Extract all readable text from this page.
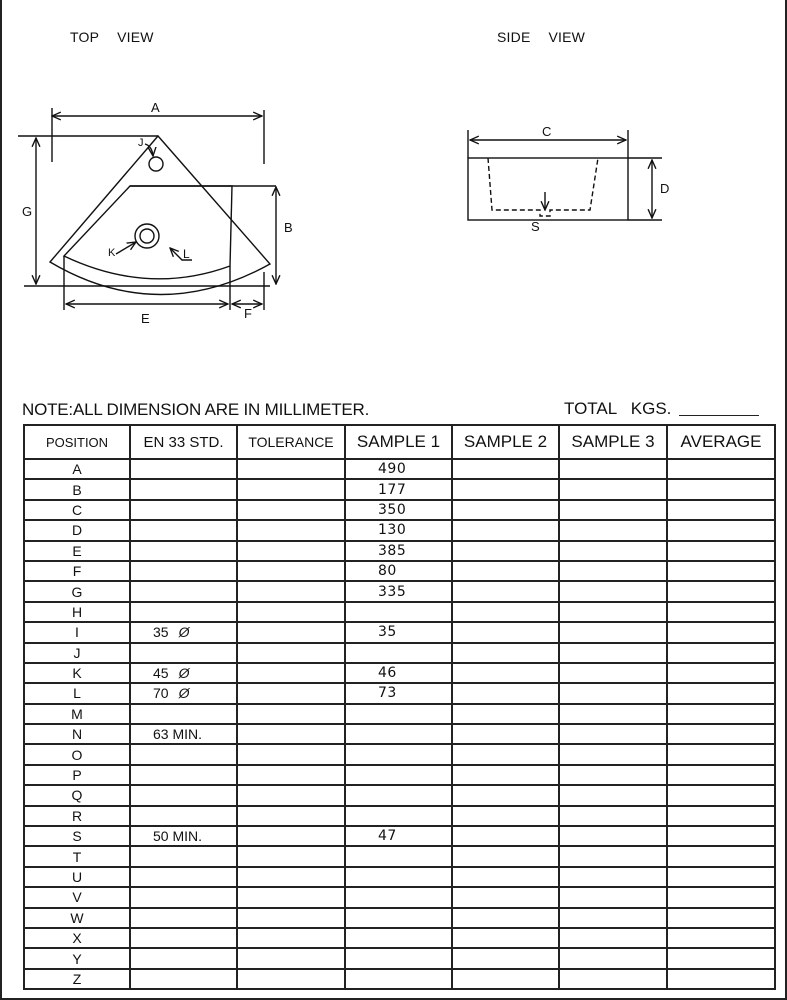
TOP VIEW	SIDE VIEW
A
J
K	L
B
G
E	F
C
S
D
NOTE:ALL DIMENSION ARE IN MILLIMETER.	TOTAL   KGS.
POSITION	EN 33 STD.	TOLERANCE	SAMPLE 1	SAMPLE 2	SAMPLE 3	AVERAGE
A			490			
B			177			
C			350			
D			130			
E			385			
F			80			
G			335			
H						
I	35 Ø		35			
J						
K	45 Ø		46			
L	70 Ø		73			
M						
N	63 MIN.					
O						
P						
Q						
R						
S	50 MIN.		47			
T						
U						
V						
W						
X						
Y						
Z						
